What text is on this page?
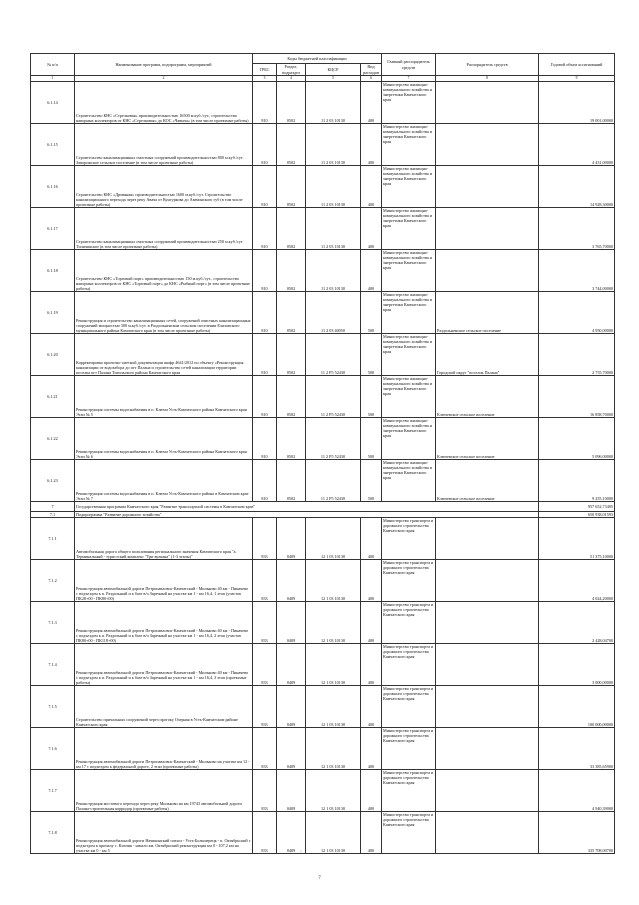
№ п/п	Наименование программ, подпрограмм, мероприятий	Коды бюджетной классификации				Главный распорядитель средств	Распорядитель средств	Годовой объем ассигнований
		ГРБС	Раздел, подраздел	КЦСР	Вид расходов			
1	2	3	4	5	6	7	8	9
6.1.14	Строительство КНС «Стрелковая» производительностью 16500 м.куб./сут., строительство напорных коллекторов от КНС «Стрелковая» до КОС «Чавыча» (в том числе проектные работы)	810	0502	11 2 03 10130	400	Министерство жилищно-коммунального хозяйства и энергетики Камчатского края		19 001,00000
6.1.15	Строительство канализационных очистных сооружений производительностью 800 м.куб./сут. Запорожское сельское поселение (в том числе проектные работы)	810	0502	11 2 03 10130	400	Министерство жилищно-коммунального хозяйства и энергетики Камчатского края		4 431,00000
6.1.16	Строительство КНС «Дровяная» производительностью 1600 м.куб./сут. Строительство канализационного перехода через реку Авача от Кунгуркова до Авачинского губ (в том числе проектные работы)	810	0502	11 2 03 10130	400	Министерство жилищно-коммунального хозяйства и энергетики Камчатского края		14 928,30000
6.1.17	Строительство канализационных очистных сооружений производительностью 250 м.куб./сут. Тиличикское (в том числе проектные работы)	810	0502	11 2 03 10130	400	Министерство жилищно-коммунального хозяйства и энергетики Камчатского края		3 765,70000
6.1.18	Строительство КНС «Торговый порт» производительностью 150 м.куб./сут., строительство напорных коллекторов от КНС «Торговый порт» до КНС «Рыбный порт» (в том числе проектные работы)	810	0502	11 2 03 10130	400	Министерство жилищно-коммунального хозяйства и энергетики Камчатского края		3 744,00000
6.1.19	Реконструкция и строительство канализационных сетей, сооружений очистных канализационных сооружений мощностью 300 м.куб./сут. в Раздольненском сельском поселении Елизовского муниципального района Камчатского края (в том числе проектные работы)	810	0502	11 2 03 40050	500	Министерство жилищно-коммунального хозяйства и энергетики Камчатского края	Раздольненское сельское поселение	4 950,00000
6.1.20	Корректировка проектно-сметной документации шифр 4641/2012 по объекту «Реконструкция канализации от водозабора до пгт Палана и строительство сетей канализации территории поселка пгт Палана Тигильского района Камчатского края	810	0502	11 2 P5 52430	500	Министерство жилищно-коммунального хозяйства и энергетики Камчатского края	Городской округ "поселок Палана"	2 755,70000
6.1.21	Реконструкция системы водоснабжения в п. Ключи Усть-Камчатского района Камчатского края Этап № 5	810	0502	11 2 P5 52430	500	Министерство жилищно-коммунального хозяйства и энергетики Камчатского края	Ключевское сельское поселение	16 858,70000
6.1.22	Реконструкция системы водоснабжения в п. Ключи Усть-Камчатского района Камчатского края Этап № 6	810	0502	11 2 P5 52430	500	Министерство жилищно-коммунального хозяйства и энергетики Камчатского края	Ключевское сельское поселение	5 096,00000
6.1.23	Реконструкция системы водоснабжения в п. Ключи Усть-Камчатского района в Камчатском крае Этап № 7	810	0502	11 2 P5 52430	500	Министерство жилищно-коммунального хозяйства и энергетики Камчатского края	Ключевское сельское поселение	9 255,10000
7	Государственная программа Камчатского края "Развитие транспортной системы в Камчатском крае"							957 652,73405
7.1	Подпрограмма "Развитие дорожного хозяйства"							650 938,01593
7.1.1	Автомобильная дорога общего пользования регионального значения Камчатского края "а. Терминальный - туристский комплекс "Три вулкана" (1-3 этапы)"	833	0409	12 1 03 10130	400	Министерство транспорта и дорожного строительства Камчатского края		51 375,10000
7.1.2	Реконструкция автомобильной дороги Петропавловск-Камчатский - Мильково 40 км - Пиначево с подъездом к п. Раздольный и к базе в/ч Заречный на участке км 1 - км 16,4, 1 этап (участок ПК28+00 - ПК80+00)	833	0409	12 1 03 10130	400	Министерство транспорта и дорожного строительства Камчатского края		4 024,20000
7.1.3	Реконструкция автомобильной дороги Петропавловск-Камчатский - Мильково 40 км - Пиначево с подъездом к п. Раздольный и к базе в/ч Заречный на участке км 1 - км 16,4, 2 этап (участок ПК80+00 - ПК118+00)	833	0409	12 1 03 10130	400	Министерство транспорта и дорожного строительства Камчатского края		2 428,04700
7.1.4	Реконструкция автомобильной дороги Петропавловск-Камчатский - Мильково 40 км - Пиначево с подъездом к п. Раздольный и к базе в/ч Заречный на участке км 1 - км 16,4, 3 этап (проектные работы)	833	0409	12 1 03 10130	400	Министерство транспорта и дорожного строительства Камчатского края		3 000,00000
7.1.5	Строительство причальных сооружений через протоку Озерная в Усть-Камчатском районе Камчатского края	833	0409	12 1 03 10130	400	Министерство транспорта и дорожного строительства Камчатского края		100 000,00000
7.1.6	Реконструкция автомобильной дороги Петропавловск-Камчатский - Мильково на участке км 12 - км 17 с подъездом к федеральной дороге, 2 этап (проектные работы)	833	0409	12 1 03 10130	400	Министерство транспорта и дорожного строительства Камчатского края		33 385,65900
7.1.7	Реконструкция мостового перехода через реку Мильково на км 19743 автомобильной дороги Палана-строительная корридор (проектные работы)	833	0409	12 1 03 10130	400	Министерство транспорта и дорожного строительства Камчатского края		4 940,39000
7.1.8	Реконструкция автомобильной дороги Начикинский совхоз - Усть-Большерецк - п. Октябрьский с подъездом к причалу с. Кихчик - начало км. Октябрьский реконструкция км 0 - 107,2 км на участке км 0 - км 5	833	0409	12 1 03 10130	400	Министерство транспорта и дорожного строительства Камчатского края		335 708,00700
·
7
